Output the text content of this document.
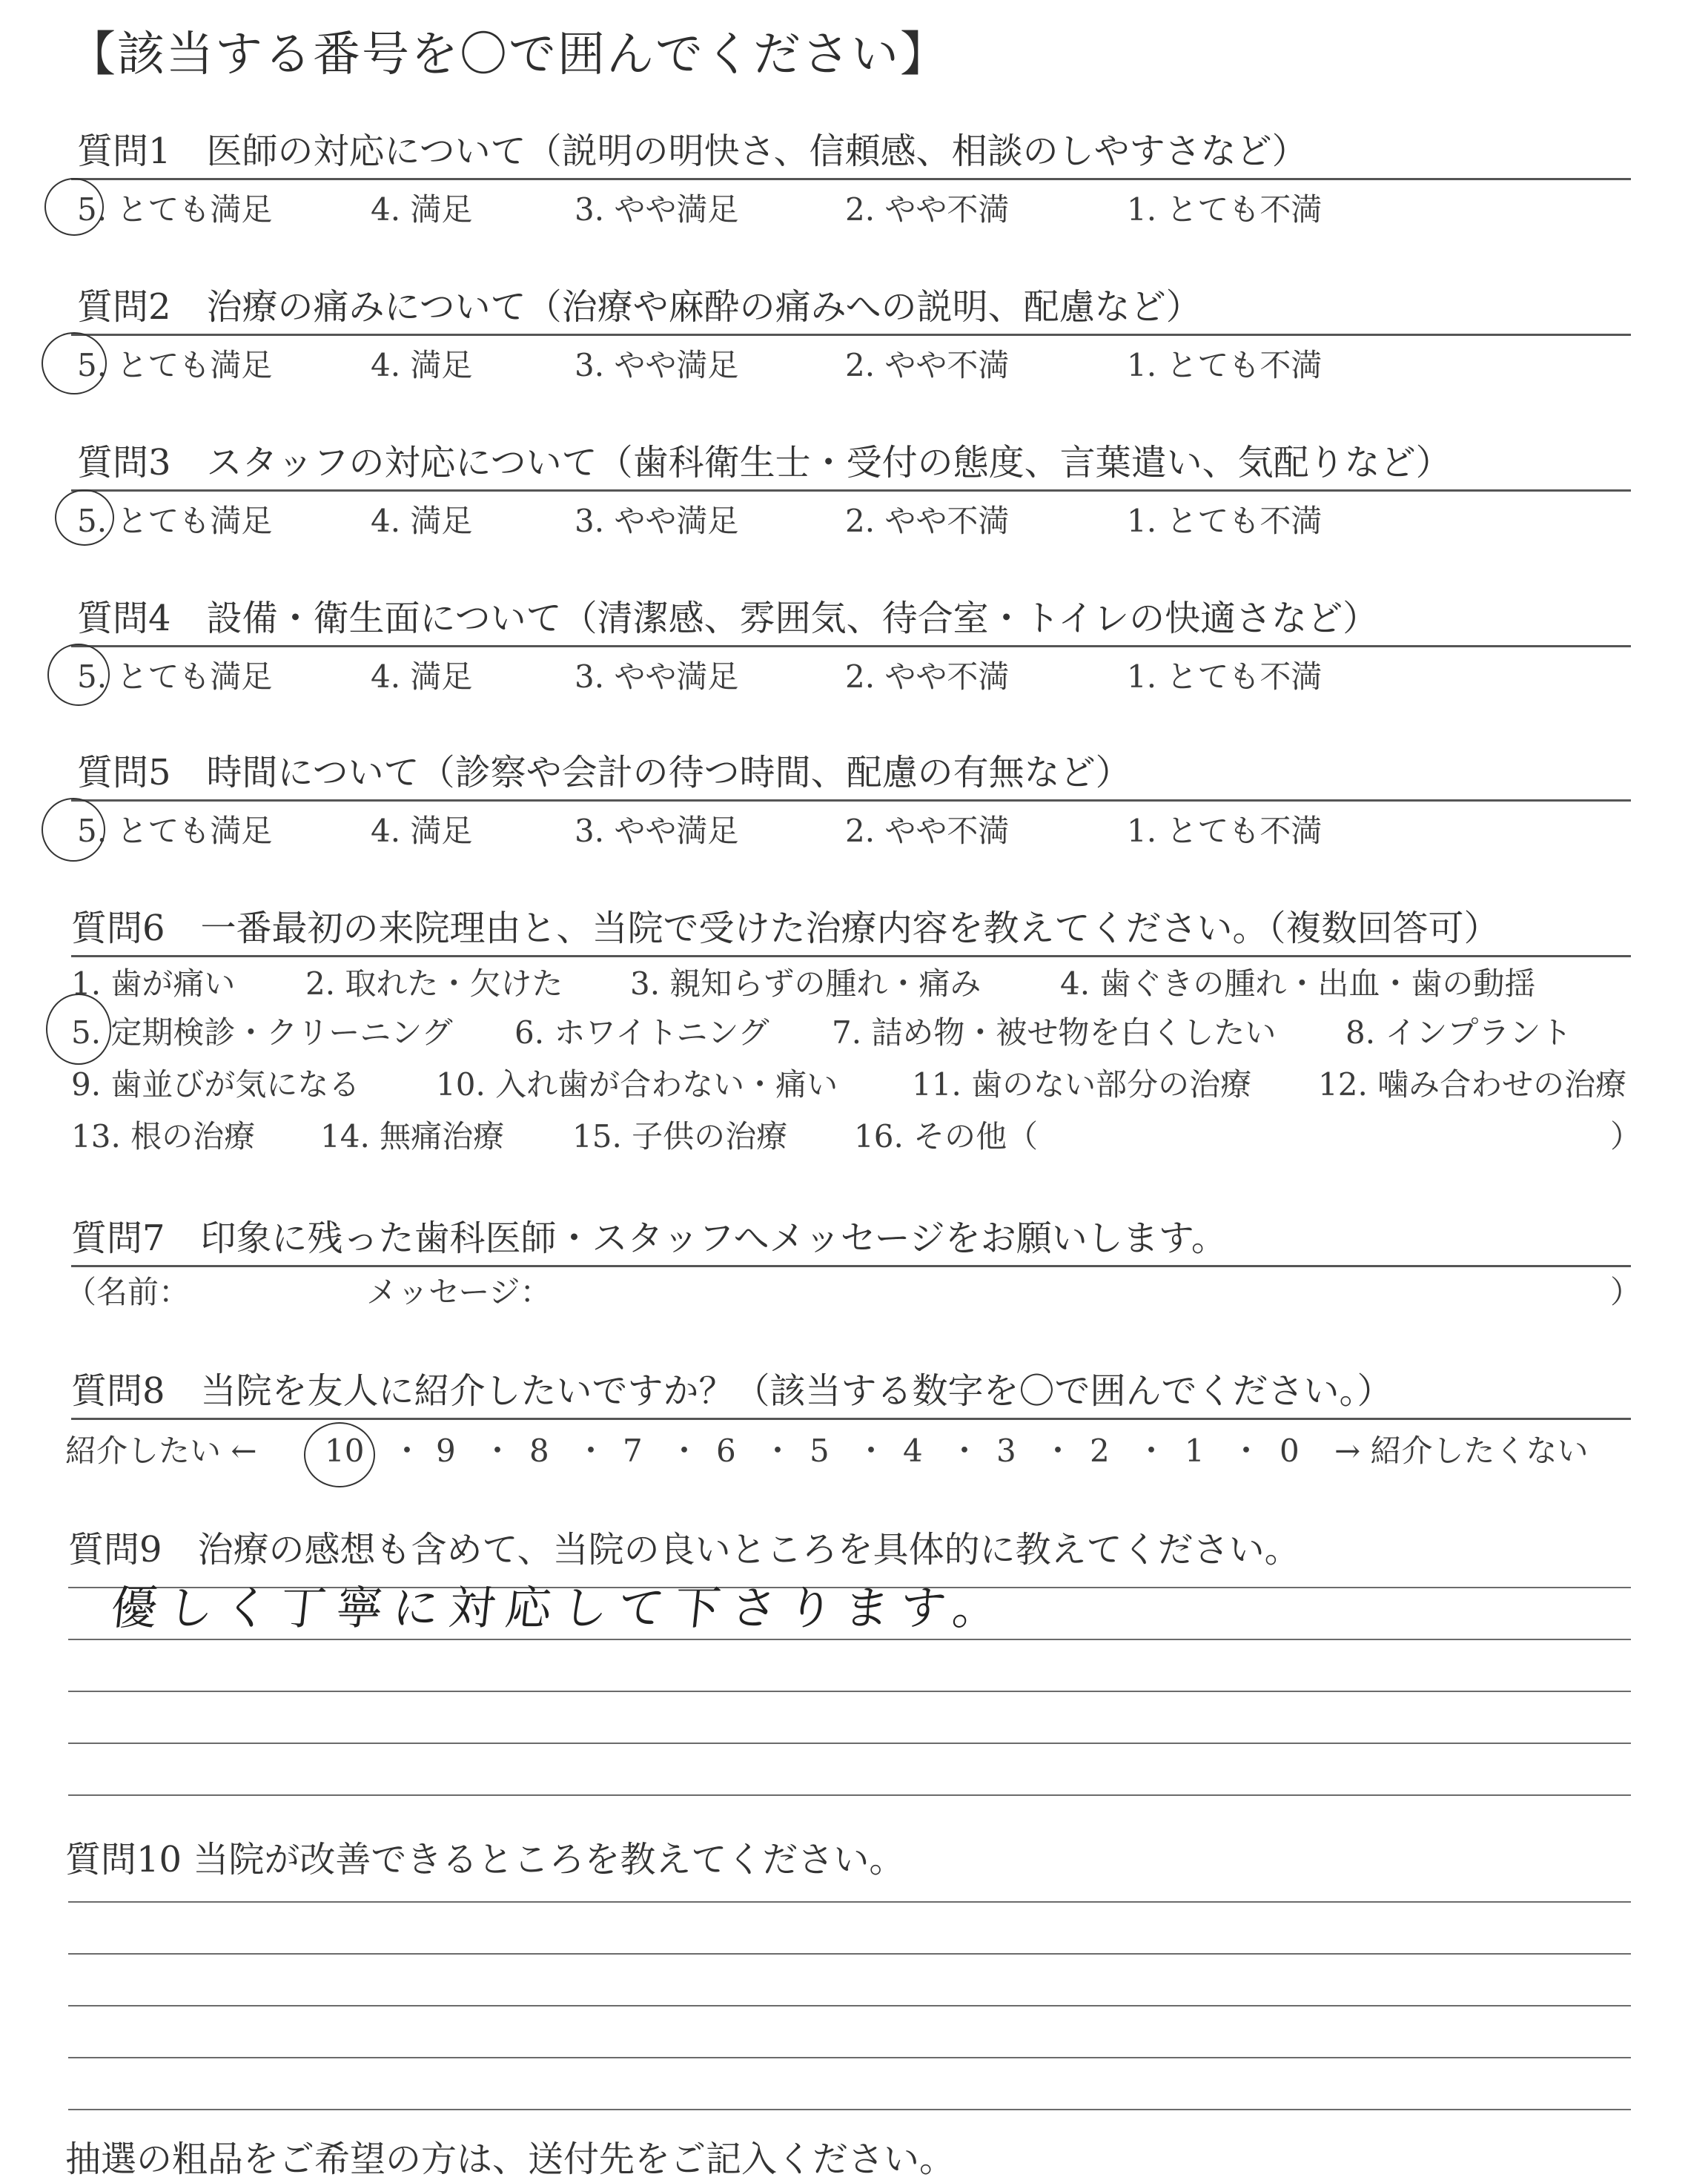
【該当する番号を〇で囲んでください】
質問1　医師の対応について（説明の明快さ、信頼感、相談のしやすさなど）
5. とても満足	4. 満足	3. やや満足	2. やや不満	1. とても不満
質問2　治療の痛みについて（治療や麻酔の痛みへの説明、配慮など）
5. とても満足	4. 満足	3. やや満足	2. やや不満	1. とても不満
質問3　スタッフの対応について（歯科衛生士・受付の態度、言葉遣い、気配りなど）
5. とても満足	4. 満足	3. やや満足	2. やや不満	1. とても不満
質問4　設備・衛生面について（清潔感、雰囲気、待合室・トイレの快適さなど）
5. とても満足	4. 満足	3. やや満足	2. やや不満	1. とても不満
質問5　時間について（診察や会計の待つ時間、配慮の有無など）
5. とても満足	4. 満足	3. やや満足	2. やや不満	1. とても不満
質問6　一番最初の来院理由と、当院で受けた治療内容を教えてください。（複数回答可）
1. 歯が痛い 2. 取れた・欠けた 3. 親知らずの腫れ・痛み	4. 歯ぐきの腫れ・出血・歯の動揺
5. 定期検診・クリーニング 6. ホワイトニング 7. 詰め物・被せ物を白くしたい 8. インプラント
9. 歯並びが気になる 10. 入れ歯が合わない・痛い 11. 歯のない部分の治療 12. 噛み合わせの治療
13. 根の治療 14. 無痛治療 15. 子供の治療 16. その他（	）
質問7　印象に残った歯科医師・スタッフへメッセージをお願いします。
（名前：	メッセージ：	）
質問8　当院を友人に紹介したいですか？（該当する数字を〇で囲んでください。）
紹介したい ← 10 ・ 9 ・ 8 ・ 7 ・ 6 ・ 5 ・ 4 ・ 3 ・ 2 ・ 1 ・ 0 → 紹介したくない
質問9　治療の感想も含めて、当院の良いところを具体的に教えてください。
優しく丁寧に対応して下さります。
質問10 当院が改善できるところを教えてください。
抽選の粗品をご希望の方は、送付先をご記入ください。
